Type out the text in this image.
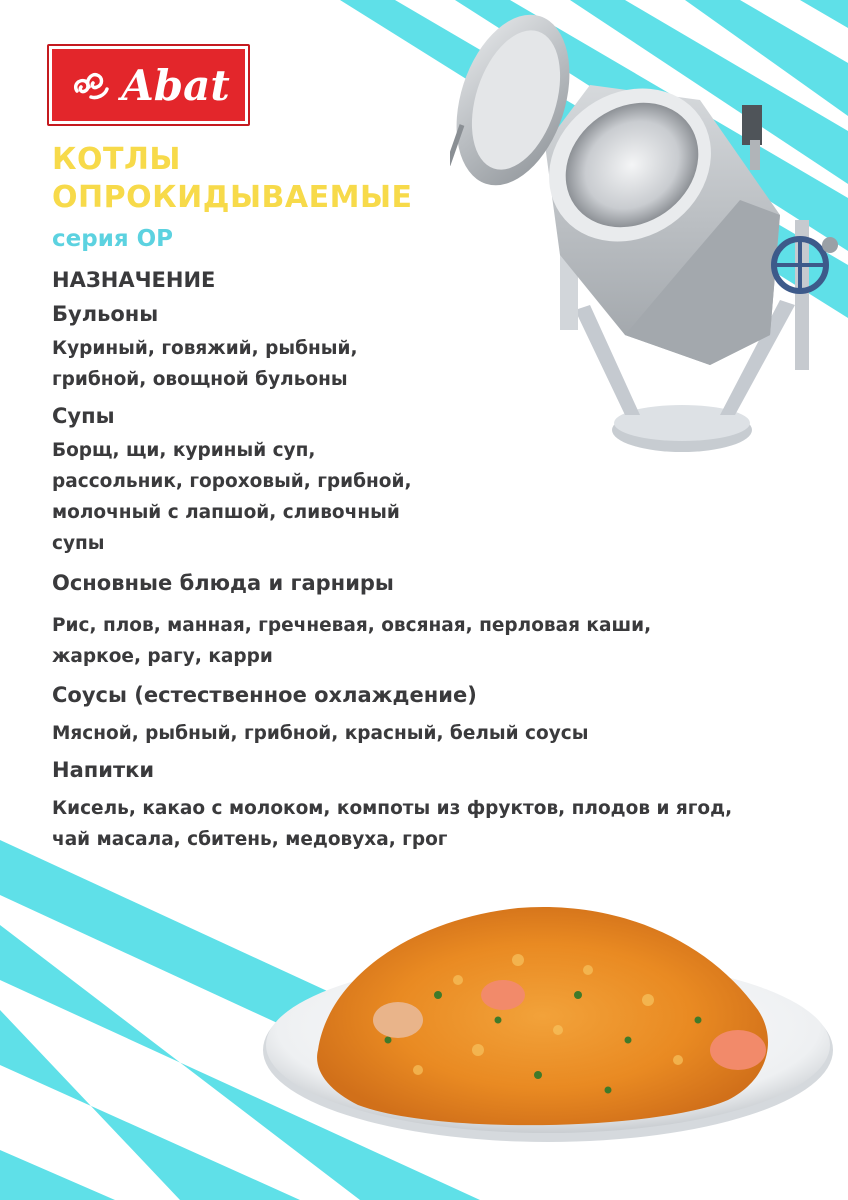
Abat
КОТЛЫ
ОПРОКИДЫВАЕМЫЕ
серия ОР
НАЗНАЧЕНИЕ
Бульоны
Куриный, говяжий, рыбный,
грибной, овощной бульоны
Супы
Борщ, щи, куриный суп,
рассольник, гороховый, грибной,
молочный с лапшой, сливочный
супы
Основные блюда и гарниры
Рис, плов, манная, гречневая, овсяная, перловая каши,
жаркое, рагу, карри
Соусы (естественное охлаждение)
Мясной, рыбный, грибной, красный, белый соусы
Напитки
Кисель, какао с молоком, компоты из фруктов, плодов и ягод,
чай масала, сбитень, медовуха, грог
